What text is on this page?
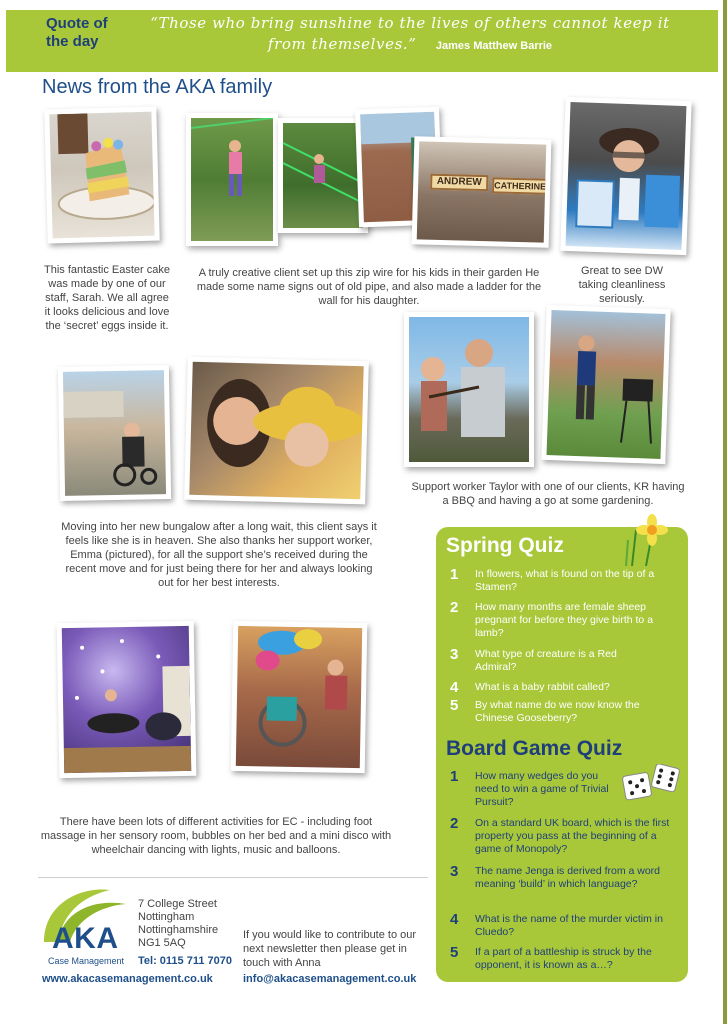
Quote of the day
“Those who bring sunshine to the lives of others cannot keep it from themselves.” James Matthew Barrie
News from the AKA family
This fantastic Easter cake was made by one of our staff, Sarah. We all agree it looks delicious and love the ‘secret’ eggs inside it.
ANDREW	CATHERINE
A truly creative client set up this zip wire for his kids in their garden He made some name signs out of old pipe, and also made a ladder for the wall for his daughter.
Great to see DW taking cleanliness seriously.
Support worker Taylor with one of our clients, KR having a BBQ and having a go at some gardening.
Moving into her new bungalow after a long wait, this client says it feels like she is in heaven. She also thanks her support worker, Emma (pictured), for all the support she’s received during the recent move and for just being there for her and always looking out for her best interests.
There have been lots of different activities for EC - including foot massage in her sensory room, bubbles on her bed and a mini disco with wheelchair dancing with lights, music and balloons.
Spring Quiz
1 In flowers, what is found on the tip of a Stamen?
2 How many months are female sheep pregnant for before they give birth to a lamb?
3 What type of creature is a Red Admiral?
4 What is a baby rabbit called?
5 By what name do we now know the Chinese Gooseberry?
Board Game Quiz
1 How many wedges do you need to win a game of Trivial Pursuit?
2 On a standard UK board, which is the first property you pass at the beginning of a game of Monopoly?
3 The name Jenga is derived from a word meaning ‘build’ in which language?
4 What is the name of the murder victim in Cluedo?
5 If a part of a battleship is struck by the opponent, it is known as a…?
AKA
Case Management
7 College Street
Nottingham
Nottinghamshire
NG1 5AQ
Tel: 0115 711 7070
If you would like to contribute to our next newsletter then please get in touch with Anna
www.akacasemanagement.co.uk	info@akacasemanagement.co.uk
